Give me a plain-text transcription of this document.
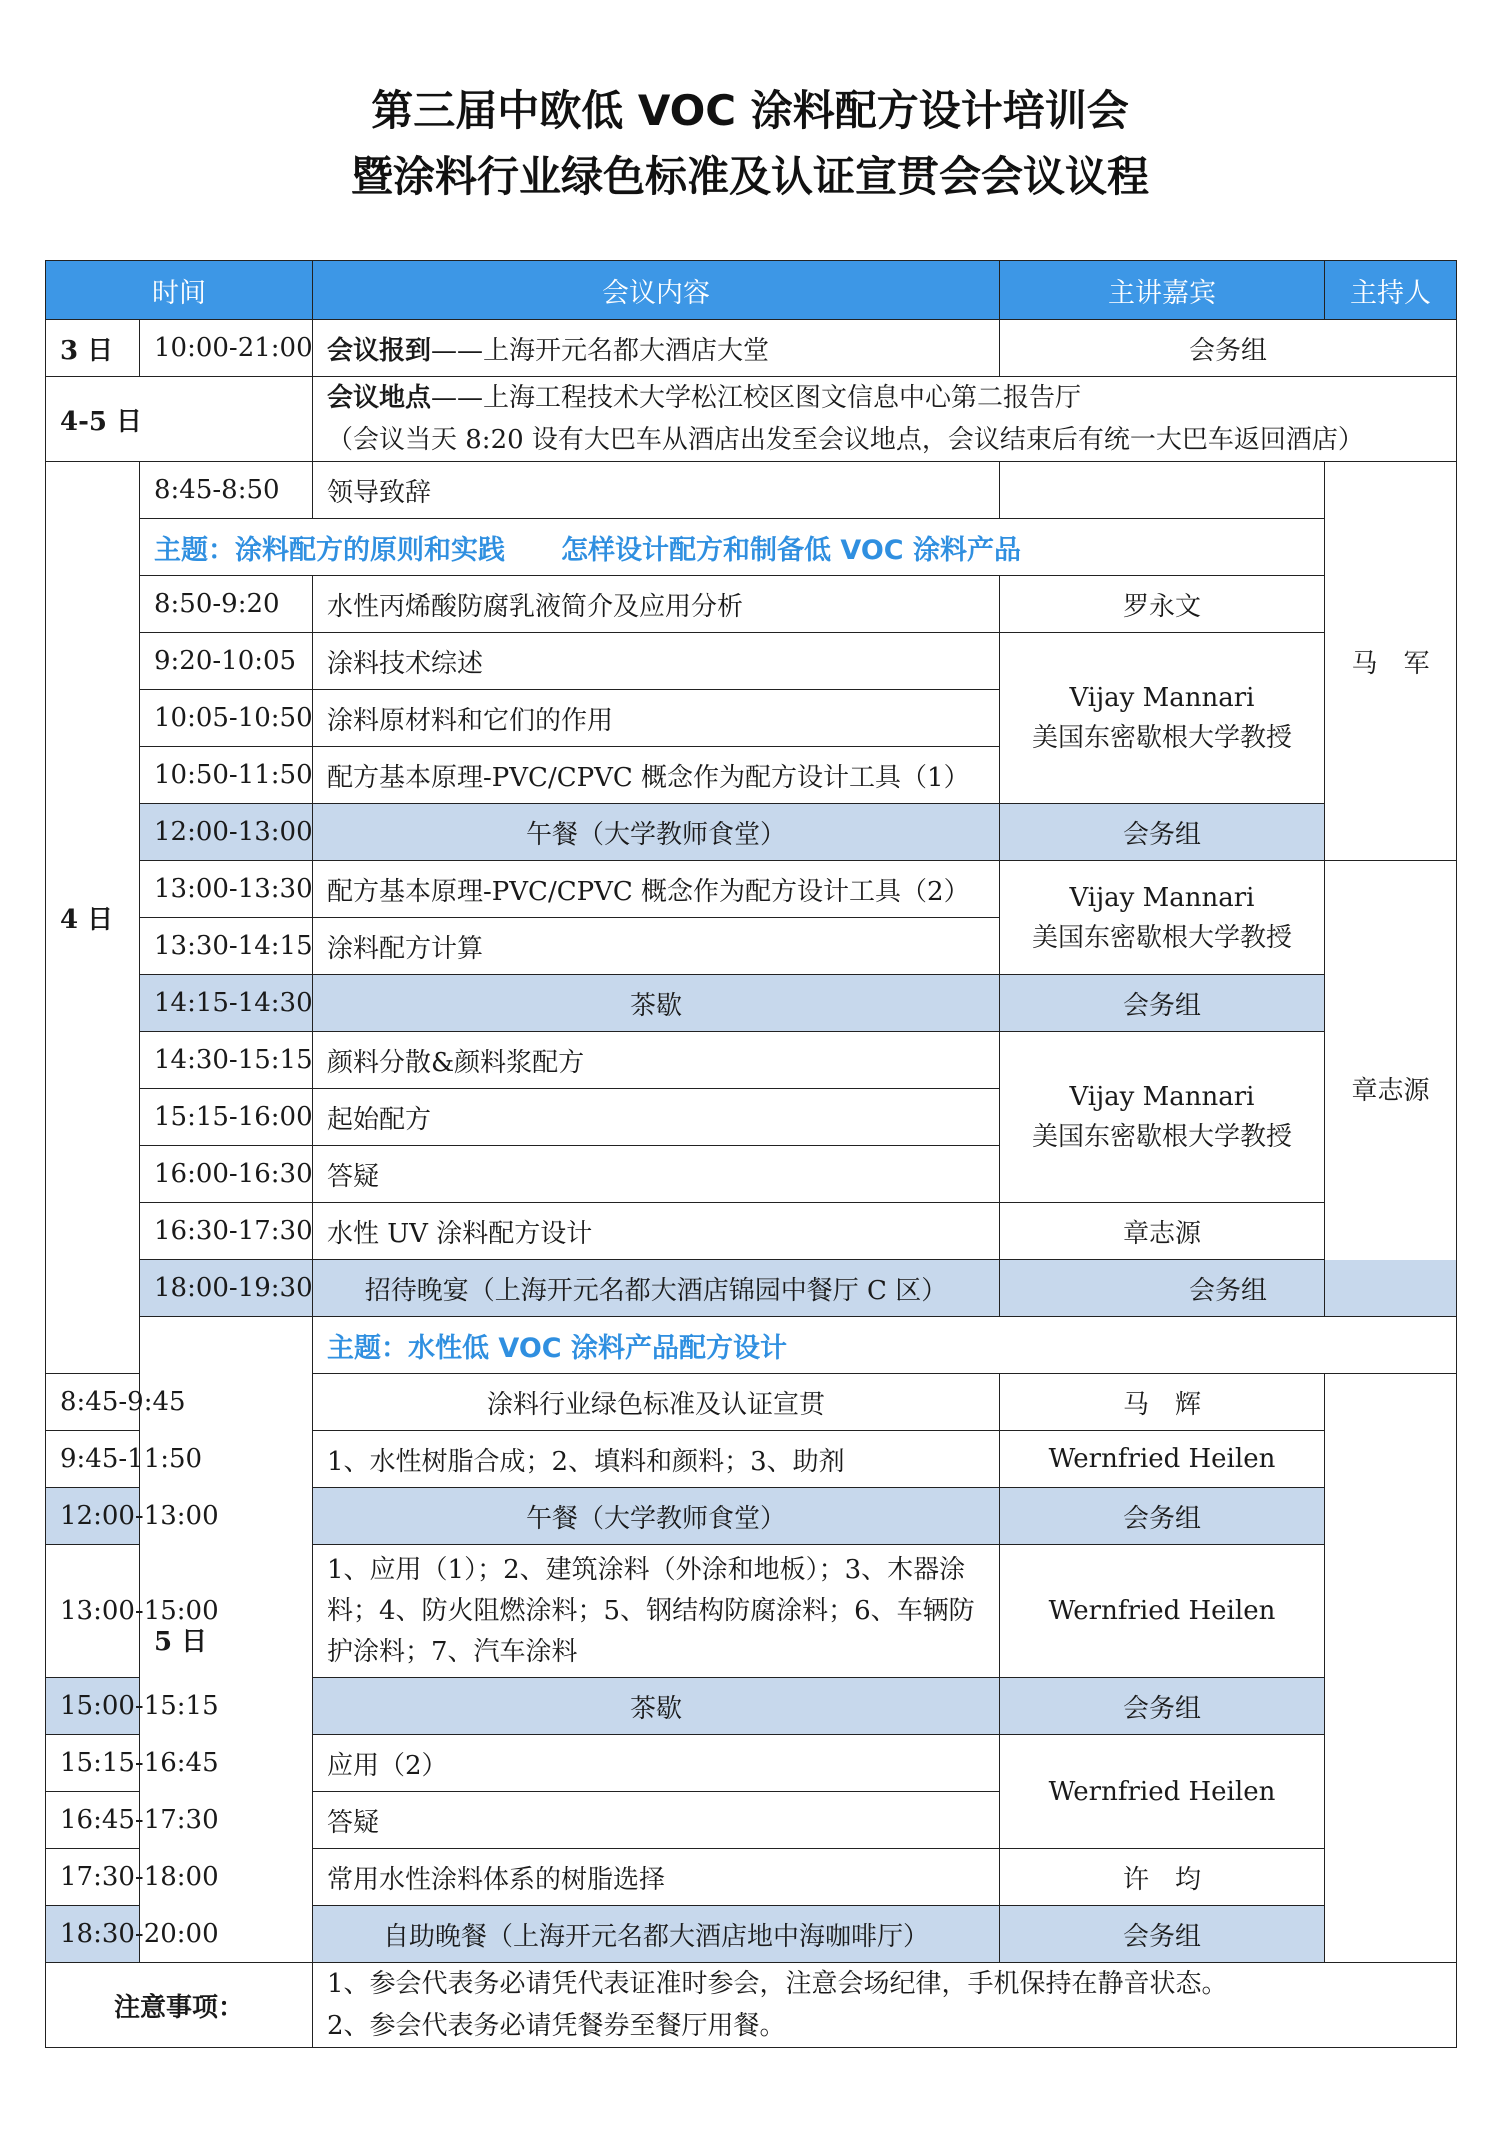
第三届中欧低 VOC 涂料配方设计培训会
暨涂料行业绿色标准及认证宣贯会会议议程
时间		会议内容	主讲嘉宾	主持人	
3 日	10:00-21:00	会议报到——上海开元名都大酒店大堂	会务组		
4-5 日		会议地点——上海工程技术大学松江校区图文信息中心第二报告厅
（会议当天 8:20 设有大巴车从酒店出发至会议地点，会议结束后有统一大巴车返回酒店）			

4 日	8:45-8:50	领导致辞		马　军	
	主题：涂料配方的原则和实践 怎样设计配方和制备低 VOC 涂料产品				
	8:50-9:20	水性丙烯酸防腐乳液简介及应用分析	罗永文		
	9:20-10:05	涂料技术综述	Vijay Mannari
美国东密歇根大学教授		

	10:05-10:50	涂料原材料和它们的作用			
	10:50-11:50	配方基本原理-PVC/CPVC 概念作为配方设计工具（1）			
	12:00-13:00	午餐（大学教师食堂）	会务组		
	13:00-13:30	配方基本原理-PVC/CPVC 概念作为配方设计工具（2）	Vijay Mannari
美国东密歇根大学教授	章志源	
	13:30-14:15	涂料配方计算			
	14:15-14:30	茶歇	会务组		
	14:30-15:15	颜料分散&颜料浆配方	Vijay Mannari
美国东密歇根大学教授		

	15:15-16:00	起始配方			
	16:00-16:30	答疑			
	16:30-17:30	水性 UV 涂料配方设计	章志源		
	18:00-19:30	招待晚宴（上海开元名都大酒店锦园中餐厅 C 区）	会务组		
	5 日	主题：水性低 VOC 涂料产品配方设计	
8:45-9:45		涂料行业绿色标准及认证宣贯	马　辉		
9:45-11:50		1、水性树脂合成；2、填料和颜料；3、助剂	Wernfried Heilen		
12:00-13:00		午餐（大学教师食堂）	会务组		
13:00-15:00		1、应用（1）；2、建筑涂料（外涂和地板）；3、木器涂料；4、防火阻燃涂料；5、钢结构防腐涂料；6、车辆防护涂料；7、汽车涂料	Wernfried Heilen		
15:00-15:15		茶歇	会务组		
15:15-16:45		应用（2）	Wernfried Heilen		
16:45-17:30		答疑			
17:30-18:00		常用水性涂料体系的树脂选择	许　均		
18:30-20:00		自助晚餐（上海开元名都大酒店地中海咖啡厅）	会务组		
注意事项：		1、参会代表务必请凭代表证准时参会，注意会场纪律，手机保持在静音状态。
2、参会代表务必请凭餐券至餐厅用餐。			
